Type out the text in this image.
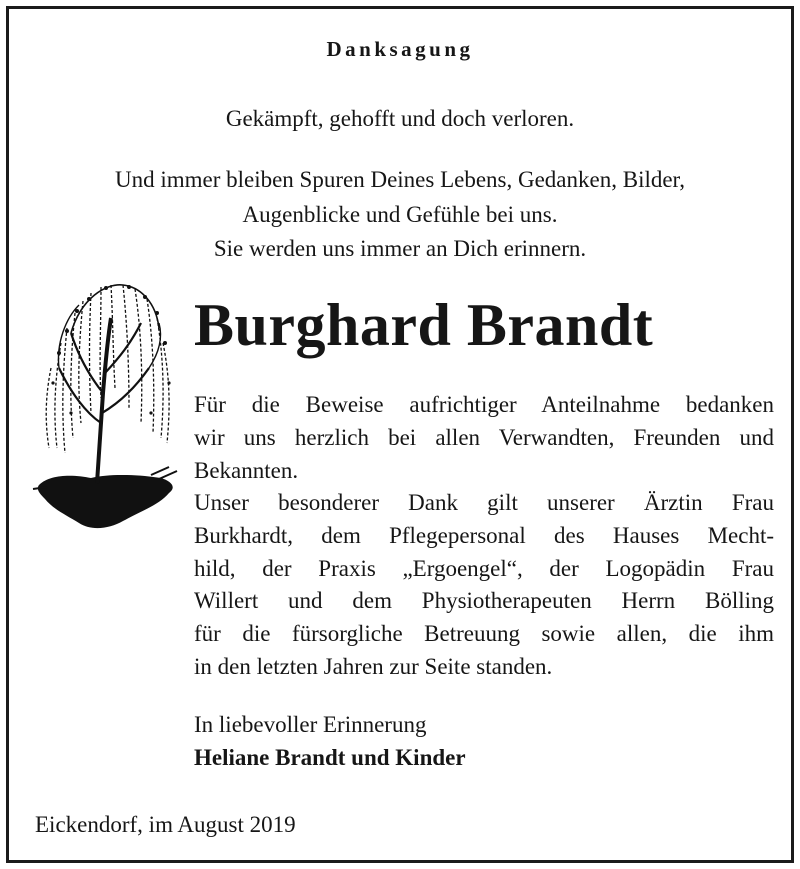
Danksagung
Gekämpft, gehofft und doch verloren.
Und immer bleiben Spuren Deines Lebens, Gedanken, Bilder,
Augenblicke und Gefühle bei uns.
Sie werden uns immer an Dich erinnern.
Burghard Brandt
Für die Beweise aufrichtiger Anteilnahme bedanken
wir uns herzlich bei allen Verwandten, Freunden und
Bekannten.
Unser besonderer Dank gilt unserer Ärztin Frau
Burkhardt, dem Pflegepersonal des Hauses Mecht-
hild, der Praxis „Ergoengel“, der Logopädin Frau
Willert und dem Physiotherapeuten Herrn Bölling
für die fürsorgliche Betreuung sowie allen, die ihm
in den letzten Jahren zur Seite standen.
In liebevoller Erinnerung
Heliane Brandt und Kinder
Eickendorf, im August 2019
